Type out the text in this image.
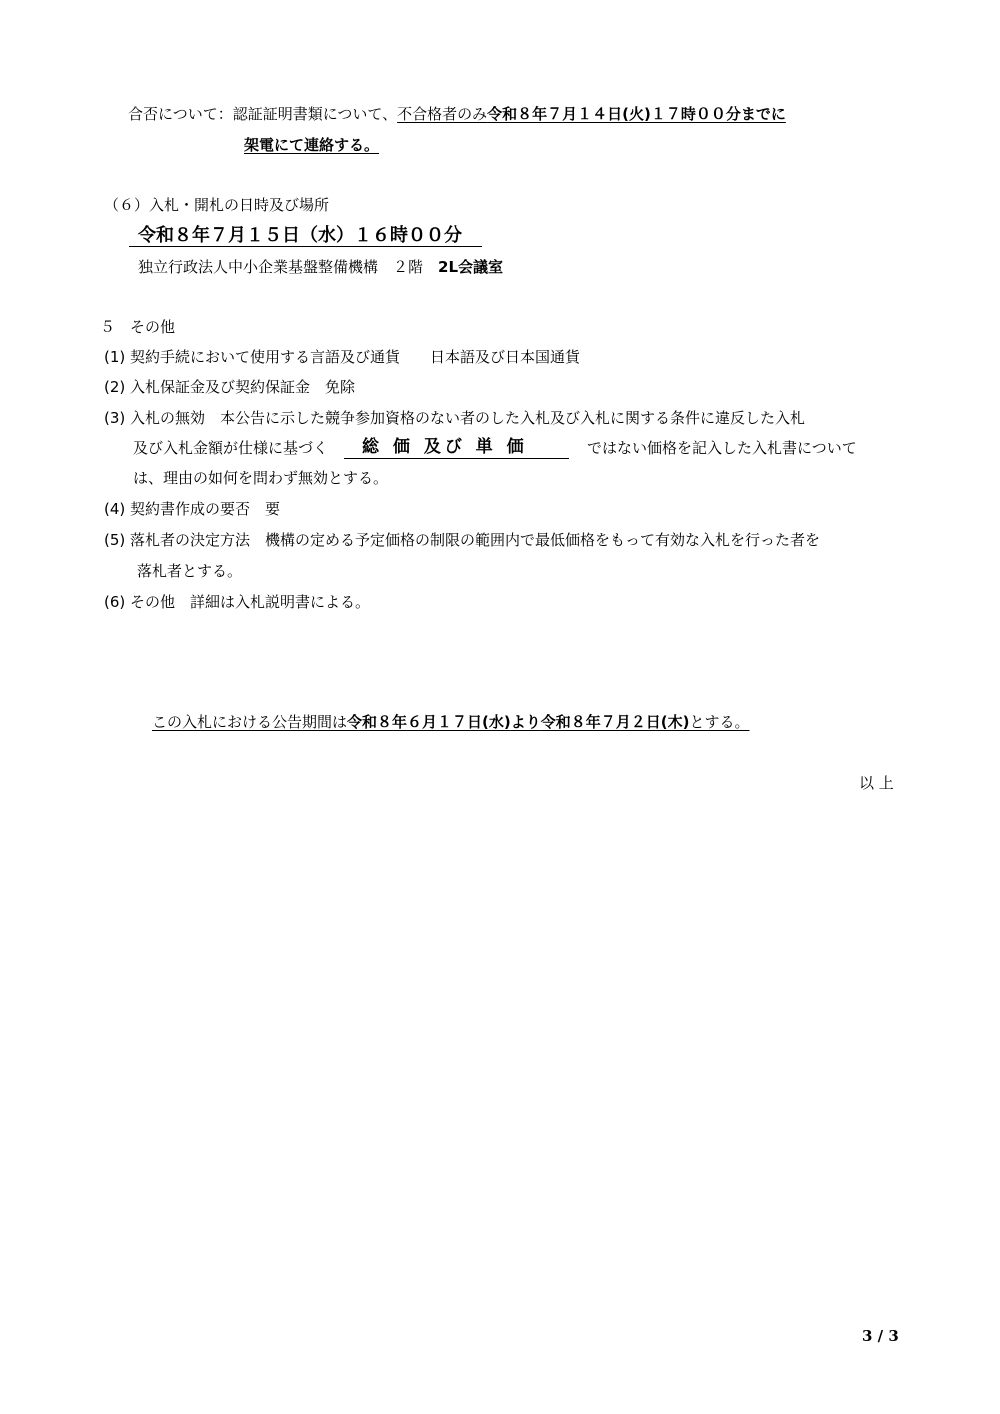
合否について：認証証明書類について、不合格者のみ令和８年７月１４日(火)１７時００分までに
架電にて連絡する。
（６）入札・開札の日時及び場所
令和８年７月１５日（水）１６時００分
独立行政法人中小企業基盤整備機構　２階　2L会議室
５　その他
(1) 契約手続において使用する言語及び通貨　　日本語及び日本国通貨
(2) 入札保証金及び契約保証金　免除
(3) 入札の無効　本公告に示した競争参加資格のない者のした入札及び入札に関する条件に違反した入札
及び入札金額が仕様に基づく 総 価 及び 単 価	ではない価格を記入した入札書について
は、理由の如何を問わず無効とする。
(4) 契約書作成の要否　要
(5) 落札者の決定方法　機構の定める予定価格の制限の範囲内で最低価格をもって有効な入札を行った者を
落札者とする。
(6) その他　詳細は入札説明書による。
この入札における公告期間は令和８年６月１７日(水)より令和８年７月２日(木)とする。
以 上
3 / 3
